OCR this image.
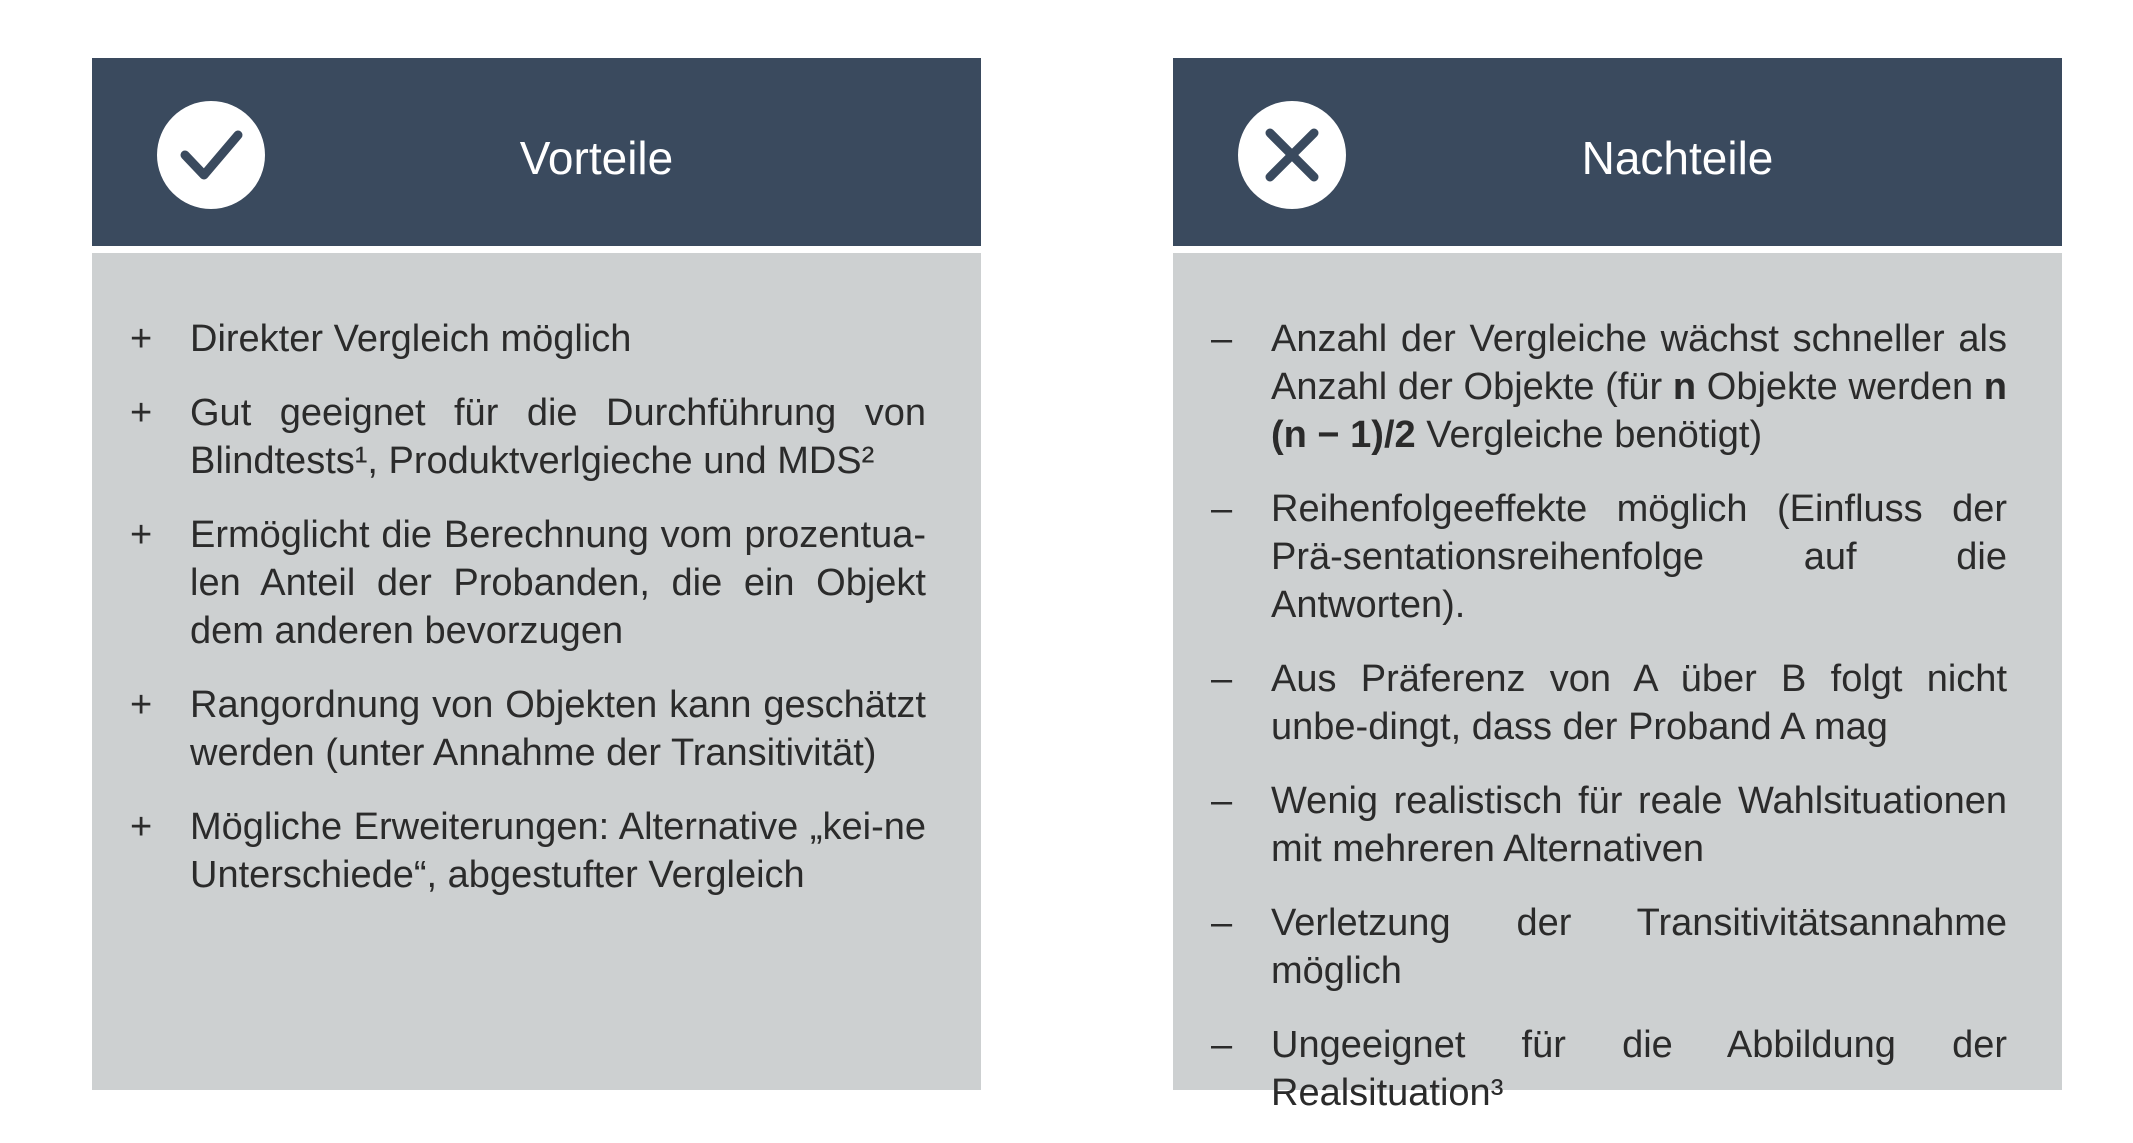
Vorteile
+ Direkter Vergleich möglich
+ Gut geeignet für die Durchführung von Blindtests¹, Produktverlgieche und MDS²
+ Ermöglicht die Berechnung vom prozentua-len Anteil der Probanden, die ein Objekt dem anderen bevorzugen
+ Rangordnung von Objekten kann geschätzt werden (unter Annahme der Transitivität)
+ Mögliche Erweiterungen: Alternative „kei-ne Unterschiede“, abgestufter Vergleich
Nachteile
– Anzahl der Vergleiche wächst schneller als Anzahl der Objekte (für n Objekte werden n (n − 1)/2 Vergleiche benötigt)
– Reihenfolgeeffekte möglich (Einfluss der Prä-sentationsreihenfolge auf die Antworten).
– Aus Präferenz von A über B folgt nicht unbe-dingt, dass der Proband A mag
– Wenig realistisch für reale Wahlsituationen mit mehreren Alternativen
– Verletzung der Transitivitätsannahme möglich
– Ungeeignet für die Abbildung der Realsituation³
